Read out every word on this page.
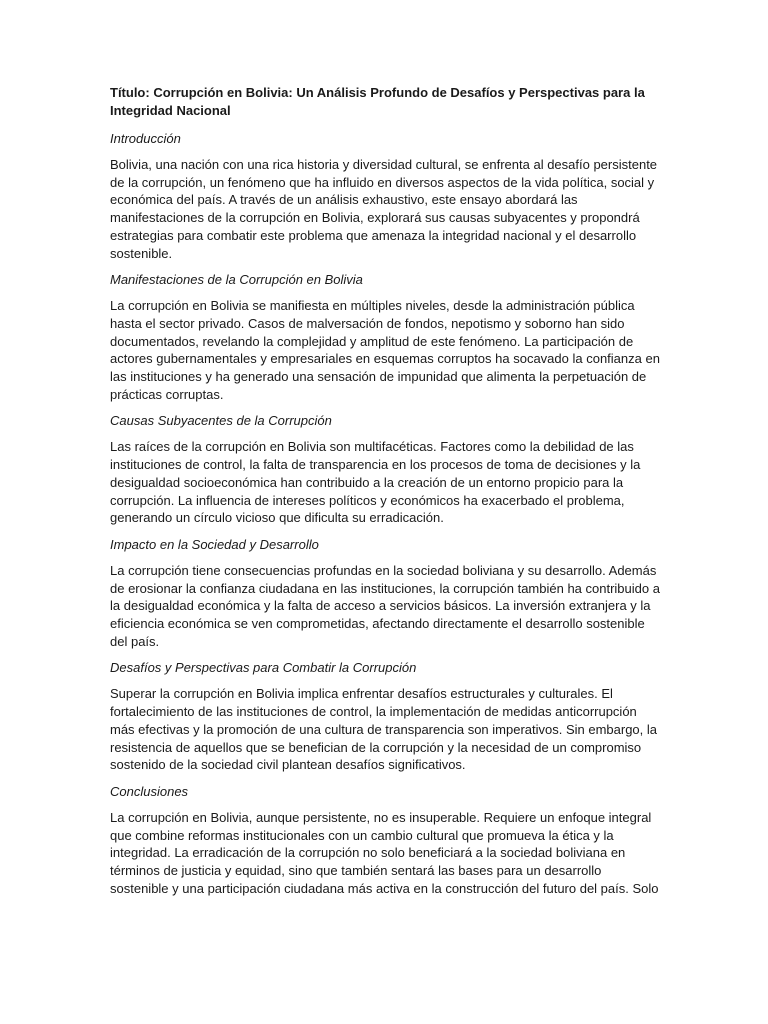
Título: Corrupción en Bolivia: Un Análisis Profundo de Desafíos y Perspectivas para la Integridad Nacional

Introducción

Bolivia, una nación con una rica historia y diversidad cultural, se enfrenta al desafío persistente de la corrupción, un fenómeno que ha influido en diversos aspectos de la vida política, social y económica del país. A través de un análisis exhaustivo, este ensayo abordará las manifestaciones de la corrupción en Bolivia, explorará sus causas subyacentes y propondrá estrategias para combatir este problema que amenaza la integridad nacional y el desarrollo sostenible.

Manifestaciones de la Corrupción en Bolivia

La corrupción en Bolivia se manifiesta en múltiples niveles, desde la administración pública hasta el sector privado. Casos de malversación de fondos, nepotismo y soborno han sido documentados, revelando la complejidad y amplitud de este fenómeno. La participación de actores gubernamentales y empresariales en esquemas corruptos ha socavado la confianza en las instituciones y ha generado una sensación de impunidad que alimenta la perpetuación de prácticas corruptas.

Causas Subyacentes de la Corrupción

Las raíces de la corrupción en Bolivia son multifacéticas. Factores como la debilidad de las instituciones de control, la falta de transparencia en los procesos de toma de decisiones y la desigualdad socioeconómica han contribuido a la creación de un entorno propicio para la corrupción. La influencia de intereses políticos y económicos ha exacerbado el problema, generando un círculo vicioso que dificulta su erradicación.

Impacto en la Sociedad y Desarrollo

La corrupción tiene consecuencias profundas en la sociedad boliviana y su desarrollo. Además de erosionar la confianza ciudadana en las instituciones, la corrupción también ha contribuido a la desigualdad económica y la falta de acceso a servicios básicos. La inversión extranjera y la eficiencia económica se ven comprometidas, afectando directamente el desarrollo sostenible del país.

Desafíos y Perspectivas para Combatir la Corrupción

Superar la corrupción en Bolivia implica enfrentar desafíos estructurales y culturales. El fortalecimiento de las instituciones de control, la implementación de medidas anticorrupción más efectivas y la promoción de una cultura de transparencia son imperativos. Sin embargo, la resistencia de aquellos que se benefician de la corrupción y la necesidad de un compromiso sostenido de la sociedad civil plantean desafíos significativos.

Conclusiones

La corrupción en Bolivia, aunque persistente, no es insuperable. Requiere un enfoque integral que combine reformas institucionales con un cambio cultural que promueva la ética y la integridad. La erradicación de la corrupción no solo beneficiará a la sociedad boliviana en términos de justicia y equidad, sino que también sentará las bases para un desarrollo sostenible y una participación ciudadana más activa en la construcción del futuro del país. Solo
